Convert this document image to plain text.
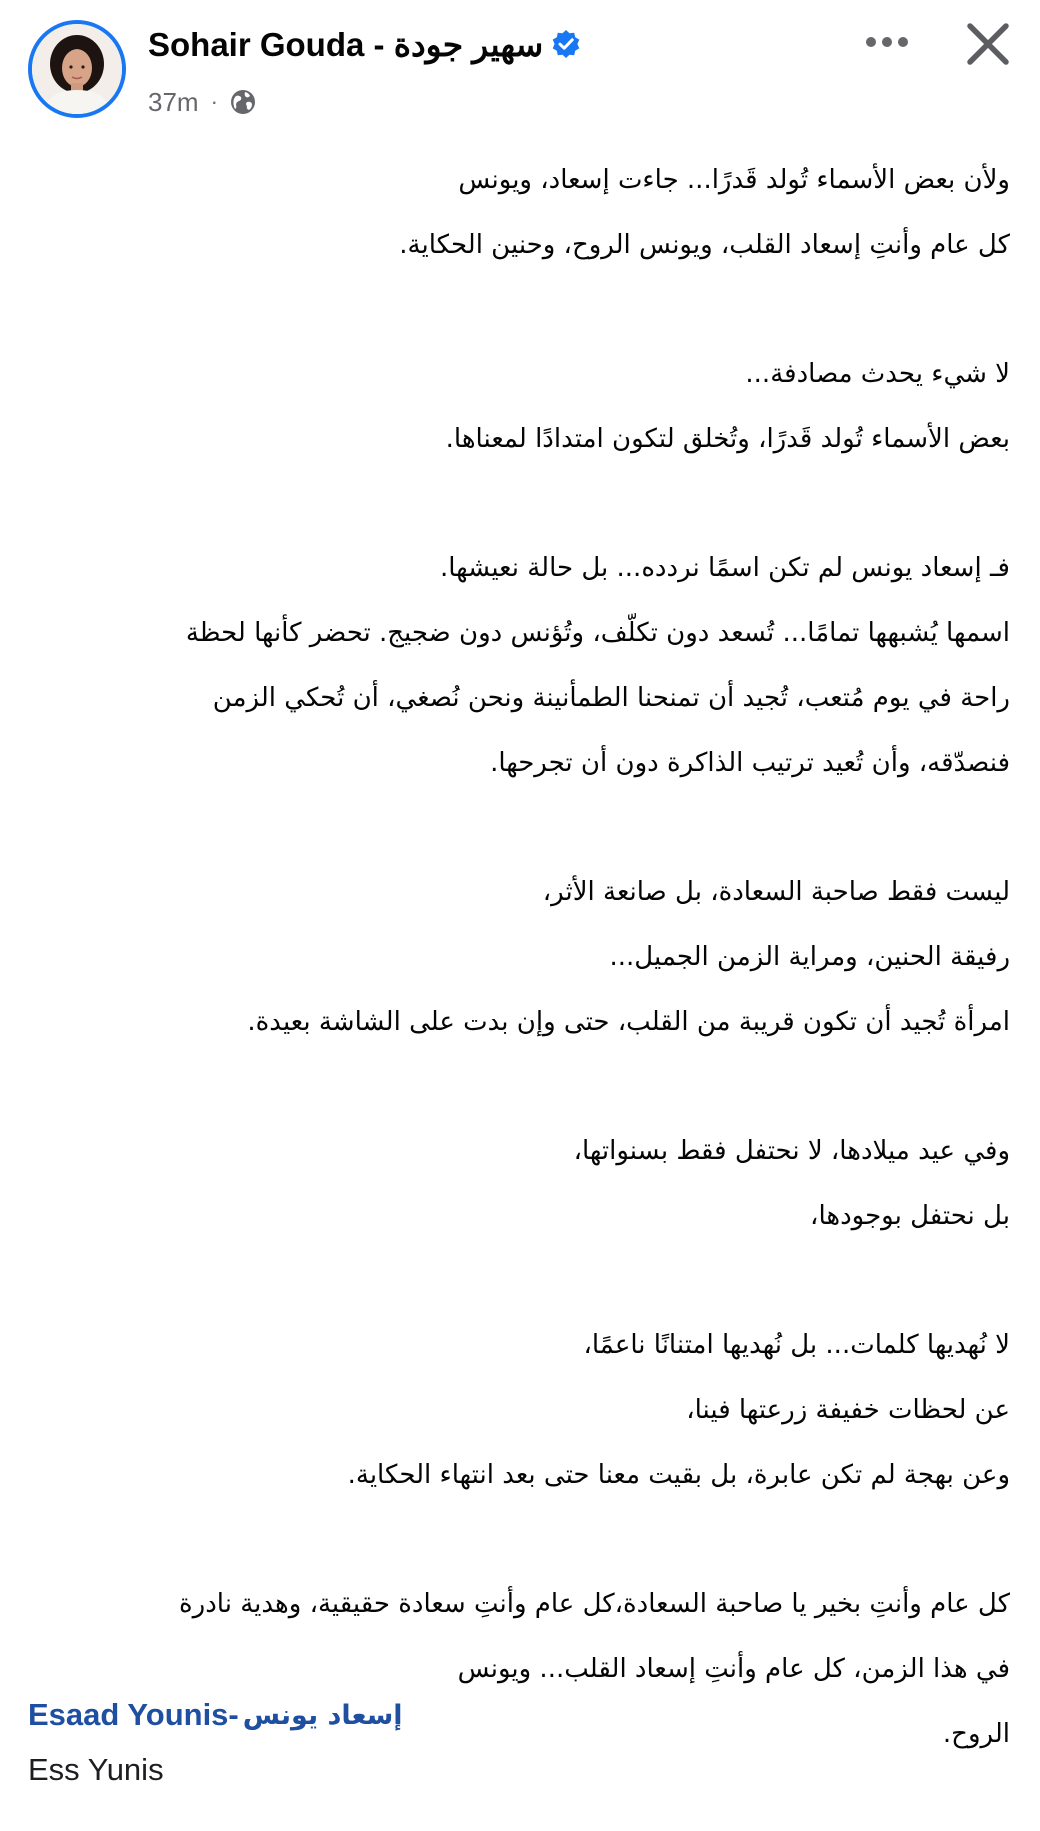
Sohair Gouda - سهير جودة
37m ·
ولأن بعض الأسماء تُولد قَدرًا... جاءت إسعاد، ويونس
كل عام وأنتِ إسعاد القلب، ويونس الروح، وحنين الحكاية.
لا شيء يحدث مصادفة...
بعض الأسماء تُولد قَدرًا، وتُخلق لتكون امتدادًا لمعناها.
فـ إسعاد يونس لم تكن اسمًا نردده... بل حالة نعيشها.
اسمها يُشبهها تمامًا... تُسعد دون تكلّف، وتُؤنس دون ضجيج. تحضر كأنها لحظة
راحة في يوم مُتعب، تُجيد أن تمنحنا الطمأنينة ونحن نُصغي، أن تُحكي الزمن
فنصدّقه، وأن تُعيد ترتيب الذاكرة دون أن تجرحها.
ليست فقط صاحبة السعادة، بل صانعة الأثر،
رفيقة الحنين، ومراية الزمن الجميل...
امرأة تُجيد أن تكون قريبة من القلب، حتى وإن بدت على الشاشة بعيدة.
وفي عيد ميلادها، لا نحتفل فقط بسنواتها،
بل نحتفل بوجودها،
لا نُهديها كلمات... بل نُهديها امتنانًا ناعمًا،
عن لحظات خفيفة زرعتها فينا،
وعن بهجة لم تكن عابرة، بل بقيت معنا حتى بعد انتهاء الحكاية.
كل عام وأنتِ بخير يا صاحبة السعادة،كل عام وأنتِ سعادة حقيقية، وهدية نادرة
في هذا الزمن، كل عام وأنتِ إسعاد القلب... ويونس
الروح.
Esaad Younis- إسعاد يونس
Ess Yunis
